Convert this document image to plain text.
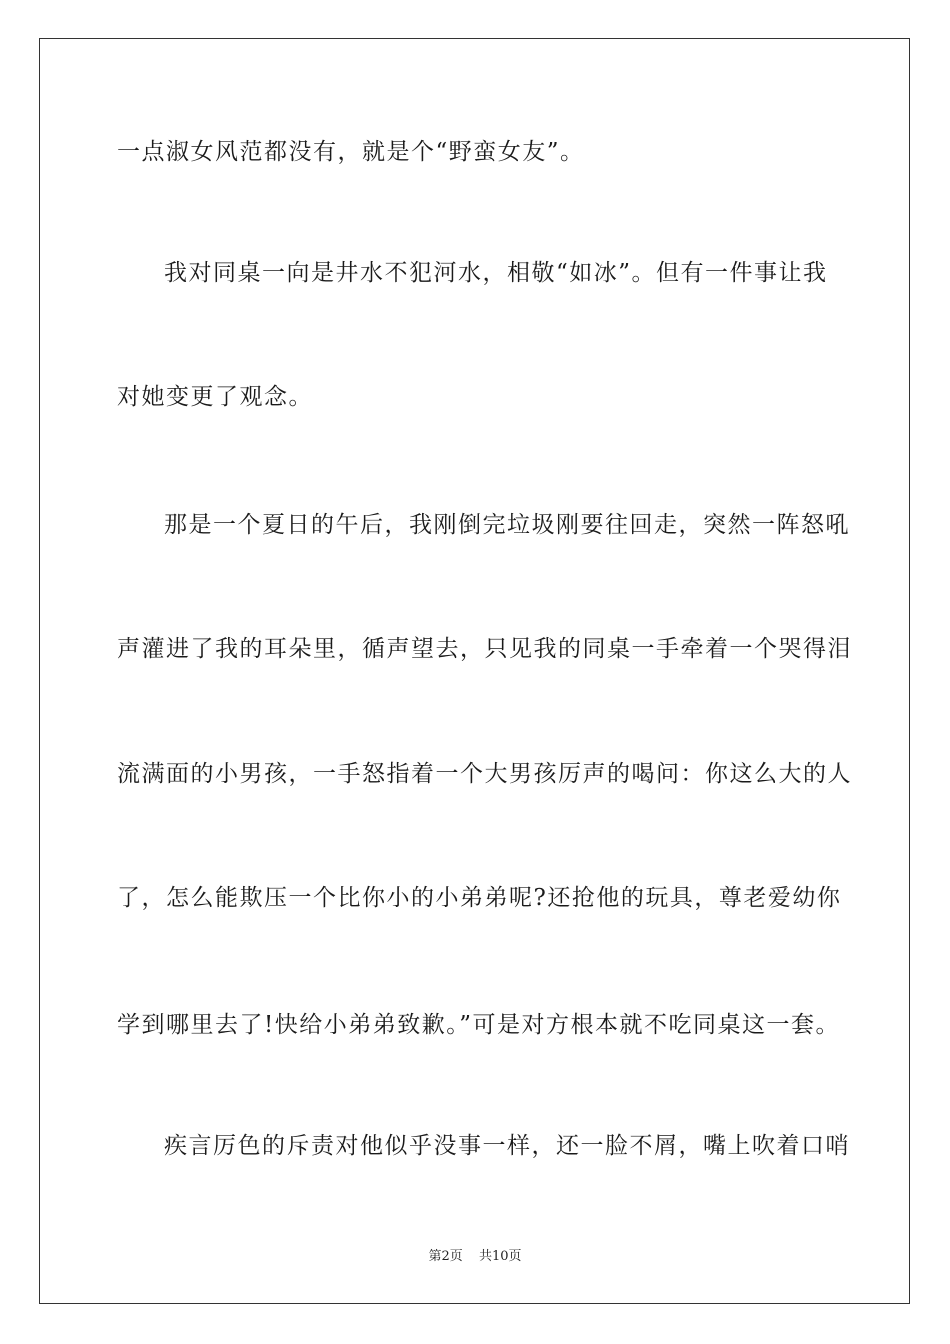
一点淑女风范都没有，就是个“野蛮女友”。
我对同桌一向是井水不犯河水，相敬“如冰”。但有一件事让我
对她变更了观念。
那是一个夏日的午后，我刚倒完垃圾刚要往回走，突然一阵怒吼
声灌进了我的耳朵里，循声望去，只见我的同桌一手牵着一个哭得泪
流满面的小男孩，一手怒指着一个大男孩厉声的喝问：你这么大的人
了，怎么能欺压一个比你小的小弟弟呢?还抢他的玩具，尊老爱幼你
学到哪里去了!快给小弟弟致歉。”可是对方根本就不吃同桌这一套。
疾言厉色的斥责对他似乎没事一样，还一脸不屑，嘴上吹着口哨
第2页 共10页
